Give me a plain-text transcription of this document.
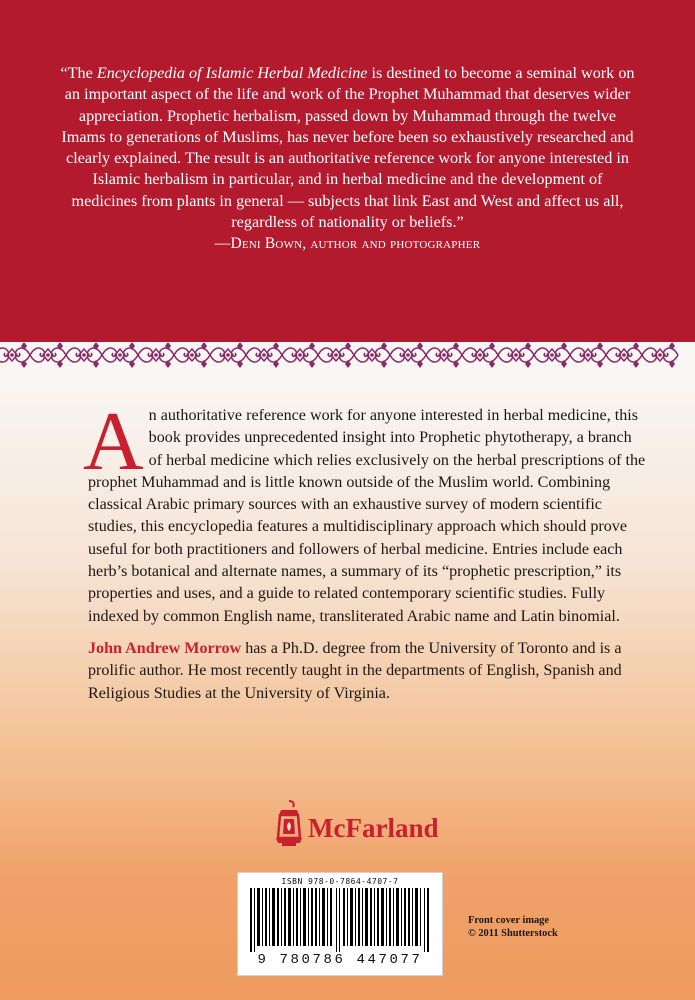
“The Encyclopedia of Islamic Herbal Medicine is destined to become a seminal work on an important aspect of the life and work of the Prophet Muhammad that deserves wider appreciation. Prophetic herbalism, passed down by Muhammad through the twelve Imams to generations of Muslims, has never before been so exhaustively researched and clearly explained. The result is an authoritative reference work for anyone interested in Islamic herbalism in particular, and in herbal medicine and the development of medicines from plants in general — subjects that link East and West and affect us all, regardless of nationality or beliefs.”

—Deni Bown, author and photographer

An authoritative reference work for anyone interested in herbal medicine, this book provides unprecedented insight into Prophetic phytotherapy, a branch of herbal medicine which relies exclusively on the herbal prescriptions of the prophet Muhammad and is little known outside of the Muslim world. Combining classical Arabic primary sources with an exhaustive survey of modern scientific studies, this encyclopedia features a multidisciplinary approach which should prove useful for both practitioners and followers of herbal medicine. Entries include each herb’s botanical and alternate names, a summary of its “prophetic prescription,” its properties and uses, and a guide to related contemporary scientific studies. Fully indexed by common English name, transliterated Arabic name and Latin binomial.

John Andrew Morrow has a Ph.D. degree from the University of Toronto and is a prolific author. He most recently taught in the departments of English, Spanish and Religious Studies at the University of Virginia.

McFarland
ISBN 978-0-7864-4707-7
9 780786 447077
Front cover image
© 2011 Shutterstock
